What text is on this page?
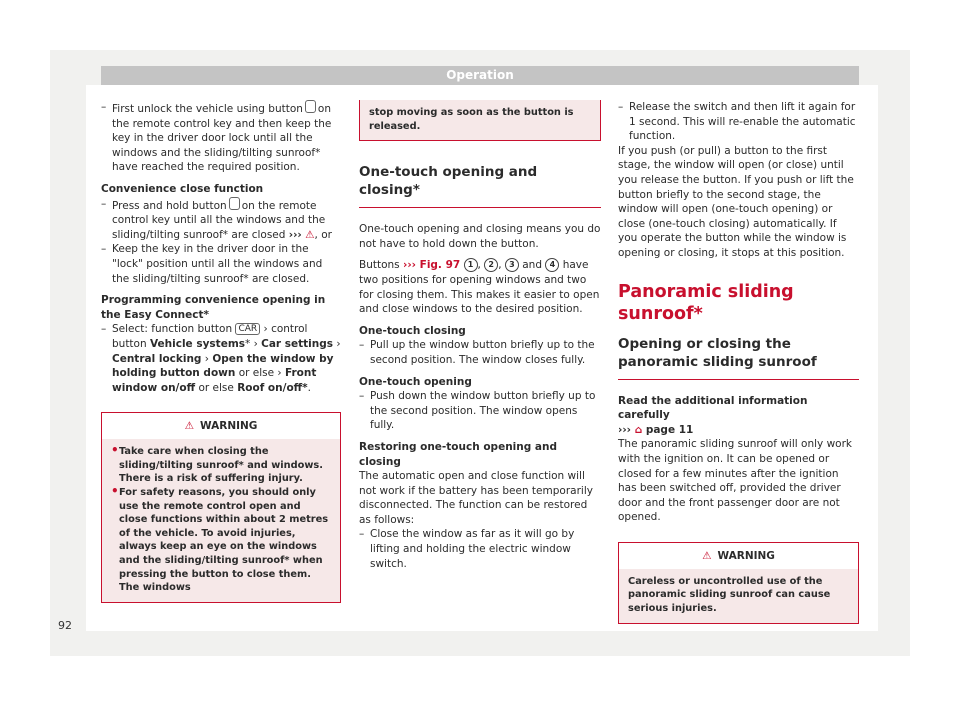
Operation

– First unlock the vehicle using button on the remote control key and then keep the key in the driver door lock until all the windows and the sliding/tilting sunroof* have reached the required position.

Convenience close function

– Press and hold button on the remote control key until all the windows and the sliding/tilting sunroof* are closed ››› ⚠, or

– Keep the key in the driver door in the "lock" position until all the windows and the sliding/tilting sunroof* are closed.

Programming convenience opening in the Easy Connect*

– Select: function button CAR › control button Vehicle systems* › Car settings › Central locking › Open the window by holding button down or else › Front window on/off or else Roof on/off*.

⚠ WARNING

• Take care when closing the sliding/tilting sunroof* and windows. There is a risk of suffering injury.

• For safety reasons, you should only use the remote control open and close functions within about 2 metres of the vehicle. To avoid injuries, always keep an eye on the windows and the sliding/tilting sunroof* when pressing the button to close them. The windows

stop moving as soon as the button is released.

One-touch opening and closing*

One-touch opening and closing means you do not have to hold down the button.

Buttons ››› Fig. 97 1 , 2 , 3 and 4 have two positions for opening windows and two for closing them. This makes it easier to open and close windows to the desired position.

One-touch closing

– Pull up the window button briefly up to the second position. The window closes fully.

One-touch opening

– Push down the window button briefly up to the second position. The window opens fully.

Restoring one-touch opening and closing

The automatic open and close function will not work if the battery has been temporarily disconnected. The function can be restored as follows:

– Close the window as far as it will go by lifting and holding the electric window switch.

– Release the switch and then lift it again for 1 second. This will re-enable the automatic function.

If you push (or pull) a button to the first stage, the window will open (or close) until you release the button. If you push or lift the button briefly to the second stage, the window will open (one-touch opening) or close (one-touch closing) automatically. If you operate the button while the window is opening or closing, it stops at this position.

Panoramic sliding sunroof*

Opening or closing the panoramic sliding sunroof

Read the additional information carefully

››› ⌂ page 11

The panoramic sliding sunroof will only work with the ignition on. It can be opened or closed for a few minutes after the ignition has been switched off, provided the driver door and the front passenger door are not opened.

⚠ WARNING
Careless or uncontrolled use of the panoramic sliding sunroof can cause serious injuries.
92
